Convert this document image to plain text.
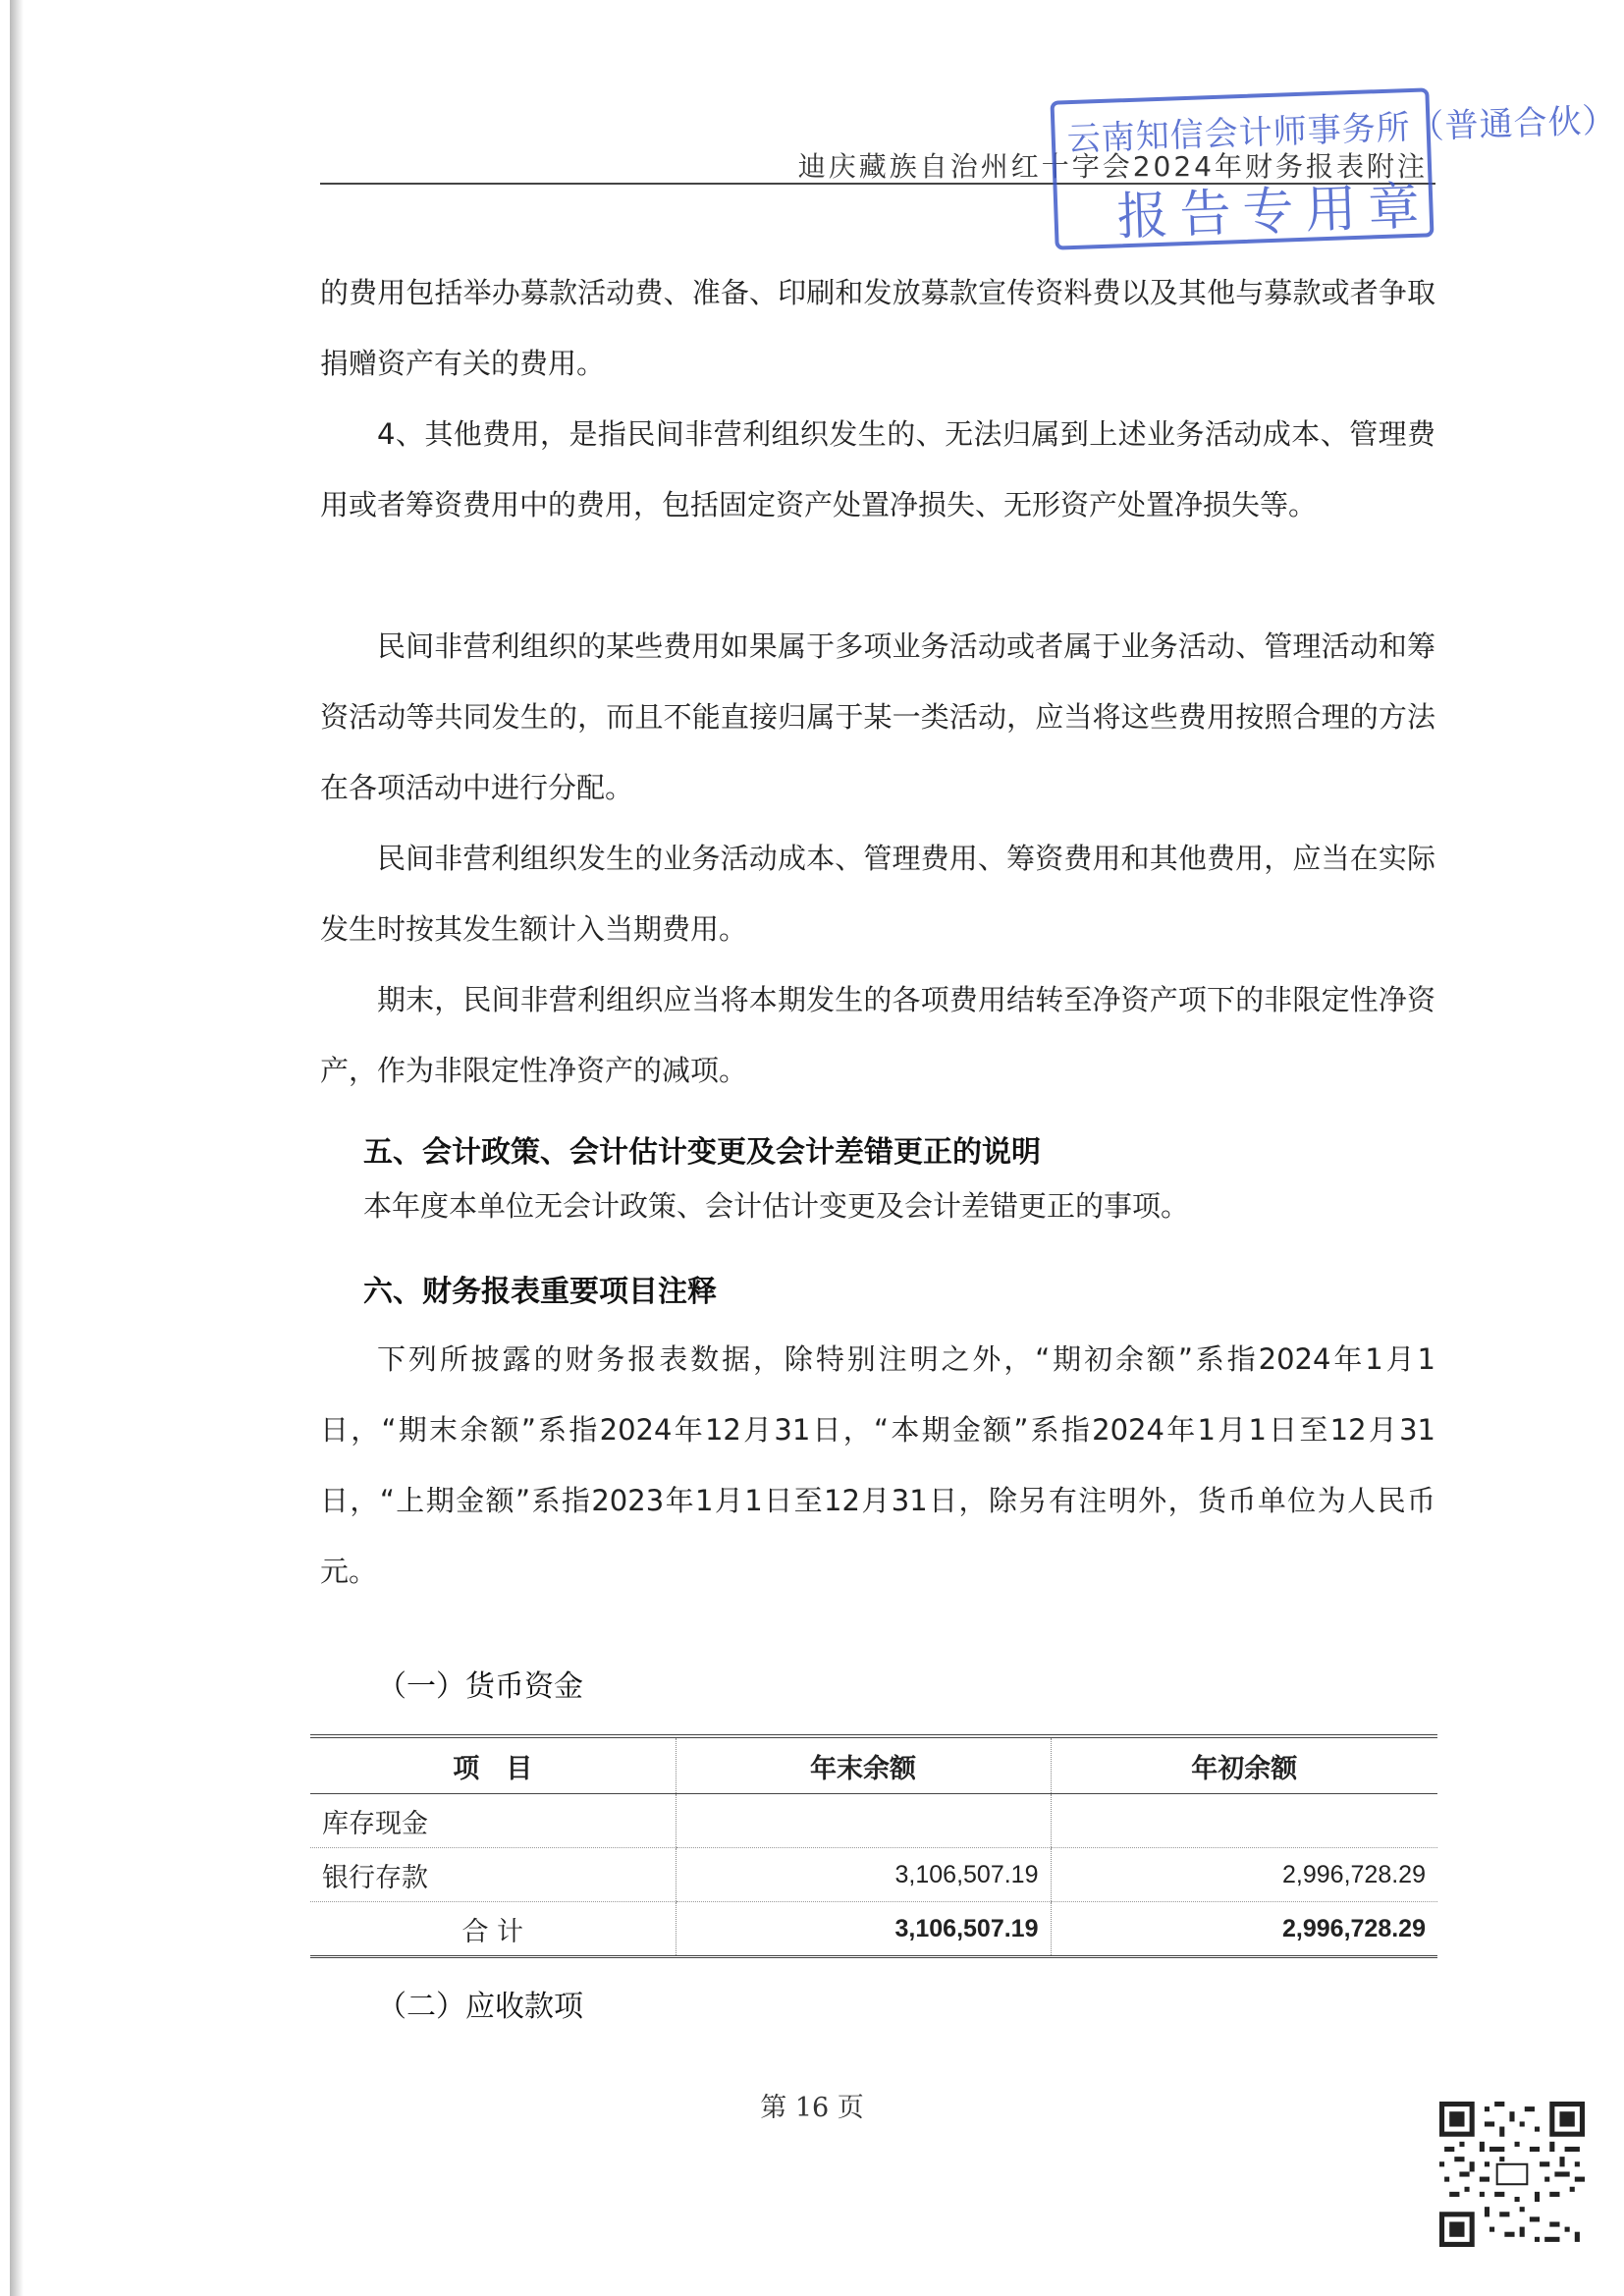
迪庆藏族自治州红十字会2024年财务报表附注
云南知信会计师事务所（普通合伙）
报告专用章

的费用包括举办募款活动费、准备、印刷和发放募款宣传资料费以及其他与募款或者争取捐赠资产有关的费用。

4、其他费用，是指民间非营利组织发生的、无法归属到上述业务活动成本、管理费用或者筹资费用中的费用，包括固定资产处置净损失、无形资产处置净损失等。

民间非营利组织的某些费用如果属于多项业务活动或者属于业务活动、管理活动和筹资活动等共同发生的，而且不能直接归属于某一类活动，应当将这些费用按照合理的方法在各项活动中进行分配。

民间非营利组织发生的业务活动成本、管理费用、筹资费用和其他费用，应当在实际发生时按其发生额计入当期费用。

期末，民间非营利组织应当将本期发生的各项费用结转至净资产项下的非限定性净资产，作为非限定性净资产的减项。

五、会计政策、会计估计变更及会计差错更正的说明
本年度本单位无会计政策、会计估计变更及会计差错更正的事项。
六、财务报表重要项目注释

下列所披露的财务报表数据，除特别注明之外，“期初余额”系指2024年1月1日，“期末余额”系指2024年12月31日，“本期金额”系指2024年1月1日至12月31日，“上期金额”系指2023年1月1日至12月31日，除另有注明外，货币单位为人民币元。

（一）货币资金
项　目	年末余额	年初余额
库存现金		
银行存款	3,106,507.19	2,996,728.29
合 计	3,106,507.19	2,996,728.29
（二）应收款项
第 16 页
